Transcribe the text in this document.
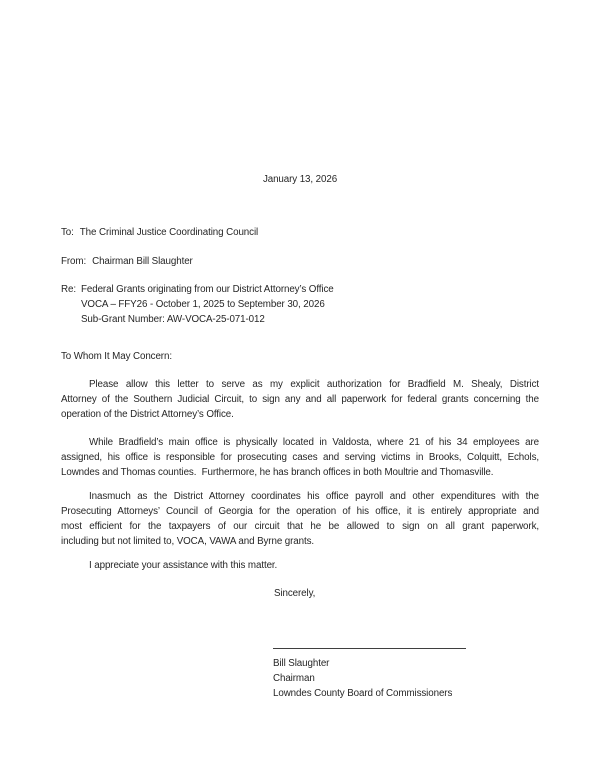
January 13, 2026
To: The Criminal Justice Coordinating Council
From: Chairman Bill Slaughter
Re: Federal Grants originating from our District Attorney’s Office
VOCA – FFY26 - October 1, 2025 to September 30, 2026
Sub-Grant Number: AW-VOCA-25-071-012
To Whom It May Concern:
Please allow this letter to serve as my explicit authorization for Bradfield M. Shealy, District
Attorney of the Southern Judicial Circuit, to sign any and all paperwork for federal grants concerning the
operation of the District Attorney’s Office.
While Bradfield’s main office is physically located in Valdosta, where 21 of his 34 employees are
assigned, his office is responsible for prosecuting cases and serving victims in Brooks, Colquitt, Echols,
Lowndes and Thomas counties.  Furthermore, he has branch offices in both Moultrie and Thomasville.
Inasmuch as the District Attorney coordinates his office payroll and other expenditures with the
Prosecuting Attorneys’ Council of Georgia for the operation of his office, it is entirely appropriate and
most efficient for the taxpayers of our circuit that he be allowed to sign on all grant paperwork,
including but not limited to, VOCA, VAWA and Byrne grants.
I appreciate your assistance with this matter.
Sincerely,
Bill Slaughter
Chairman
Lowndes County Board of Commissioners
